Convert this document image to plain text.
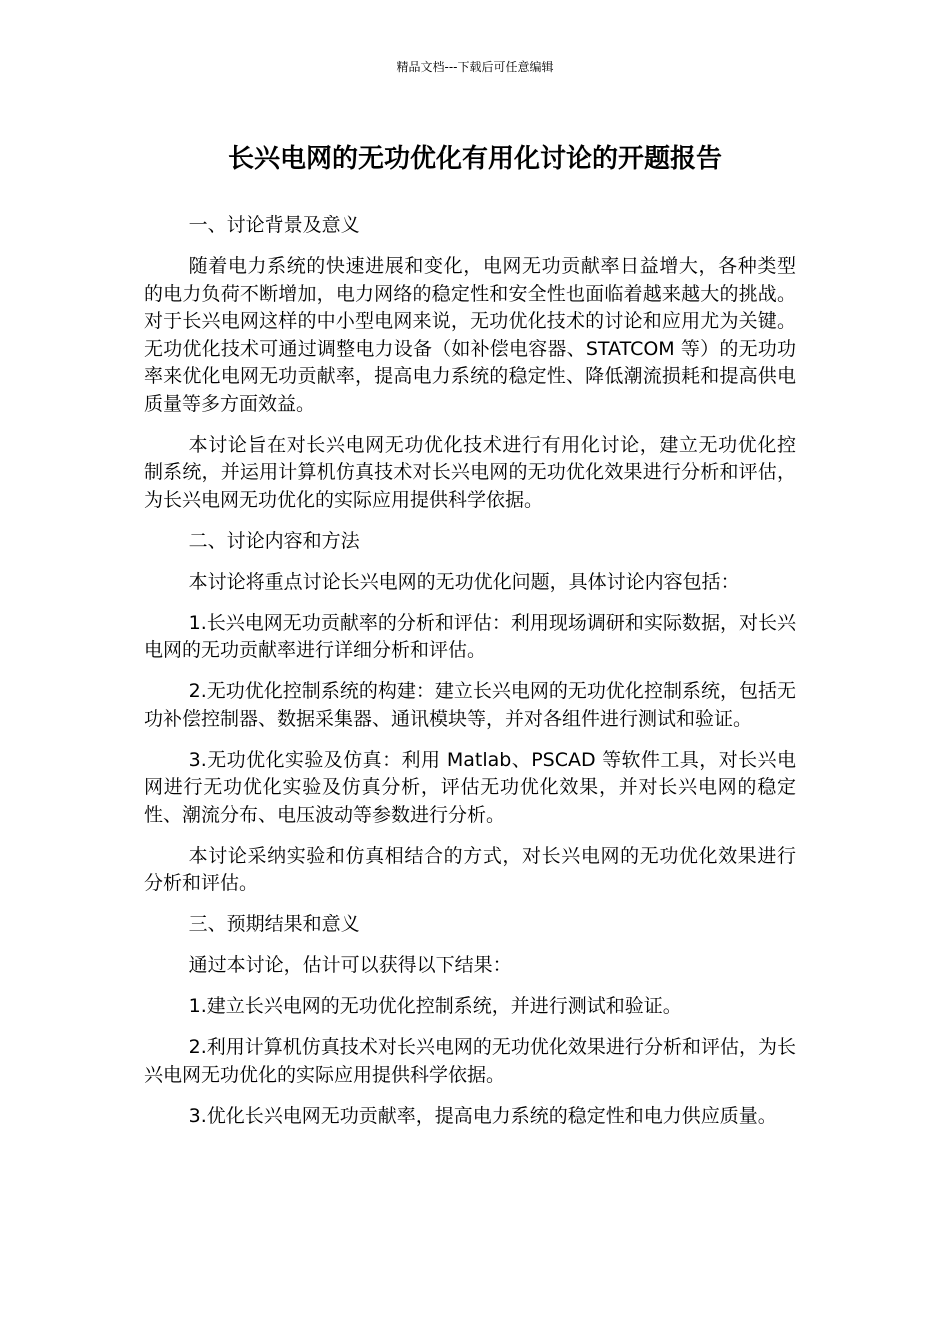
精品文档---下载后可任意编辑
长兴电网的无功优化有用化讨论的开题报告

一、讨论背景及意义

随着电力系统的快速进展和变化，电网无功贡献率日益增大，各种类型的电力负荷不断增加，电力网络的稳定性和安全性也面临着越来越大的挑战。对于长兴电网这样的中小型电网来说，无功优化技术的讨论和应用尤为关键。无功优化技术可通过调整电力设备（如补偿电容器、STATCOM 等）的无功功率来优化电网无功贡献率，提高电力系统的稳定性、降低潮流损耗和提高供电质量等多方面效益。

本讨论旨在对长兴电网无功优化技术进行有用化讨论，建立无功优化控制系统，并运用计算机仿真技术对长兴电网的无功优化效果进行分析和评估，为长兴电网无功优化的实际应用提供科学依据。

二、讨论内容和方法

本讨论将重点讨论长兴电网的无功优化问题，具体讨论内容包括：

1.长兴电网无功贡献率的分析和评估：利用现场调研和实际数据，对长兴电网的无功贡献率进行详细分析和评估。

2.无功优化控制系统的构建：建立长兴电网的无功优化控制系统，包括无功补偿控制器、数据采集器、通讯模块等，并对各组件进行测试和验证。

3.无功优化实验及仿真：利用 Matlab、PSCAD 等软件工具，对长兴电网进行无功优化实验及仿真分析，评估无功优化效果，并对长兴电网的稳定性、潮流分布、电压波动等参数进行分析。

本讨论采纳实验和仿真相结合的方式，对长兴电网的无功优化效果进行分析和评估。

三、预期结果和意义

通过本讨论，估计可以获得以下结果：

1.建立长兴电网的无功优化控制系统，并进行测试和验证。

2.利用计算机仿真技术对长兴电网的无功优化效果进行分析和评估，为长兴电网无功优化的实际应用提供科学依据。

3.优化长兴电网无功贡献率，提高电力系统的稳定性和电力供应质量。
